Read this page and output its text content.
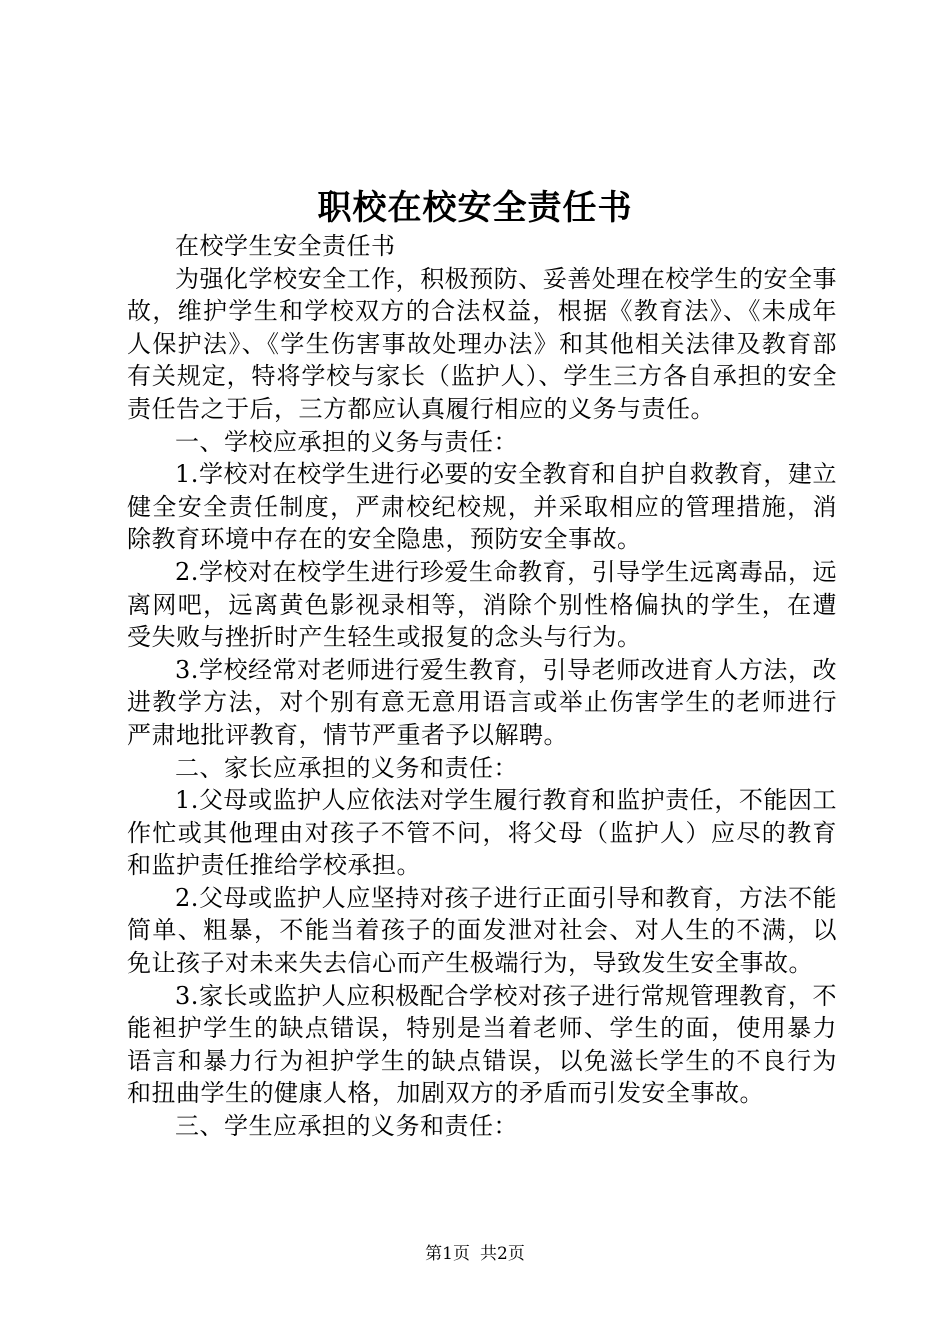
职校在校安全责任书

在校学生安全责任书

为强化学校安全工作，积极预防、妥善处理在校学生的安全事故，维护学生和学校双方的合法权益，根据《教育法》、《未成年人保护法》、《学生伤害事故处理办法》和其他相关法律及教育部有关规定，特将学校与家长（监护人）、学生三方各自承担的安全责任告之于后，三方都应认真履行相应的义务与责任。

一、学校应承担的义务与责任：

1.学校对在校学生进行必要的安全教育和自护自救教育，建立健全安全责任制度，严肃校纪校规，并采取相应的管理措施，消除教育环境中存在的安全隐患，预防安全事故。

2.学校对在校学生进行珍爱生命教育，引导学生远离毒品，远离网吧，远离黄色影视录相等，消除个别性格偏执的学生，在遭受失败与挫折时产生轻生或报复的念头与行为。

3.学校经常对老师进行爱生教育，引导老师改进育人方法，改进教学方法，对个别有意无意用语言或举止伤害学生的老师进行严肃地批评教育，情节严重者予以解聘。

二、家长应承担的义务和责任：

1.父母或监护人应依法对学生履行教育和监护责任，不能因工作忙或其他理由对孩子不管不问，将父母（监护人）应尽的教育和监护责任推给学校承担。

2.父母或监护人应坚持对孩子进行正面引导和教育，方法不能简单、粗暴，不能当着孩子的面发泄对社会、对人生的不满，以免让孩子对未来失去信心而产生极端行为，导致发生安全事故。

3.家长或监护人应积极配合学校对孩子进行常规管理教育，不能袒护学生的缺点错误，特别是当着老师、学生的面，使用暴力语言和暴力行为袒护学生的缺点错误，以免滋长学生的不良行为和扭曲学生的健康人格，加剧双方的矛盾而引发安全事故。

三、学生应承担的义务和责任：

第1页 共2页
